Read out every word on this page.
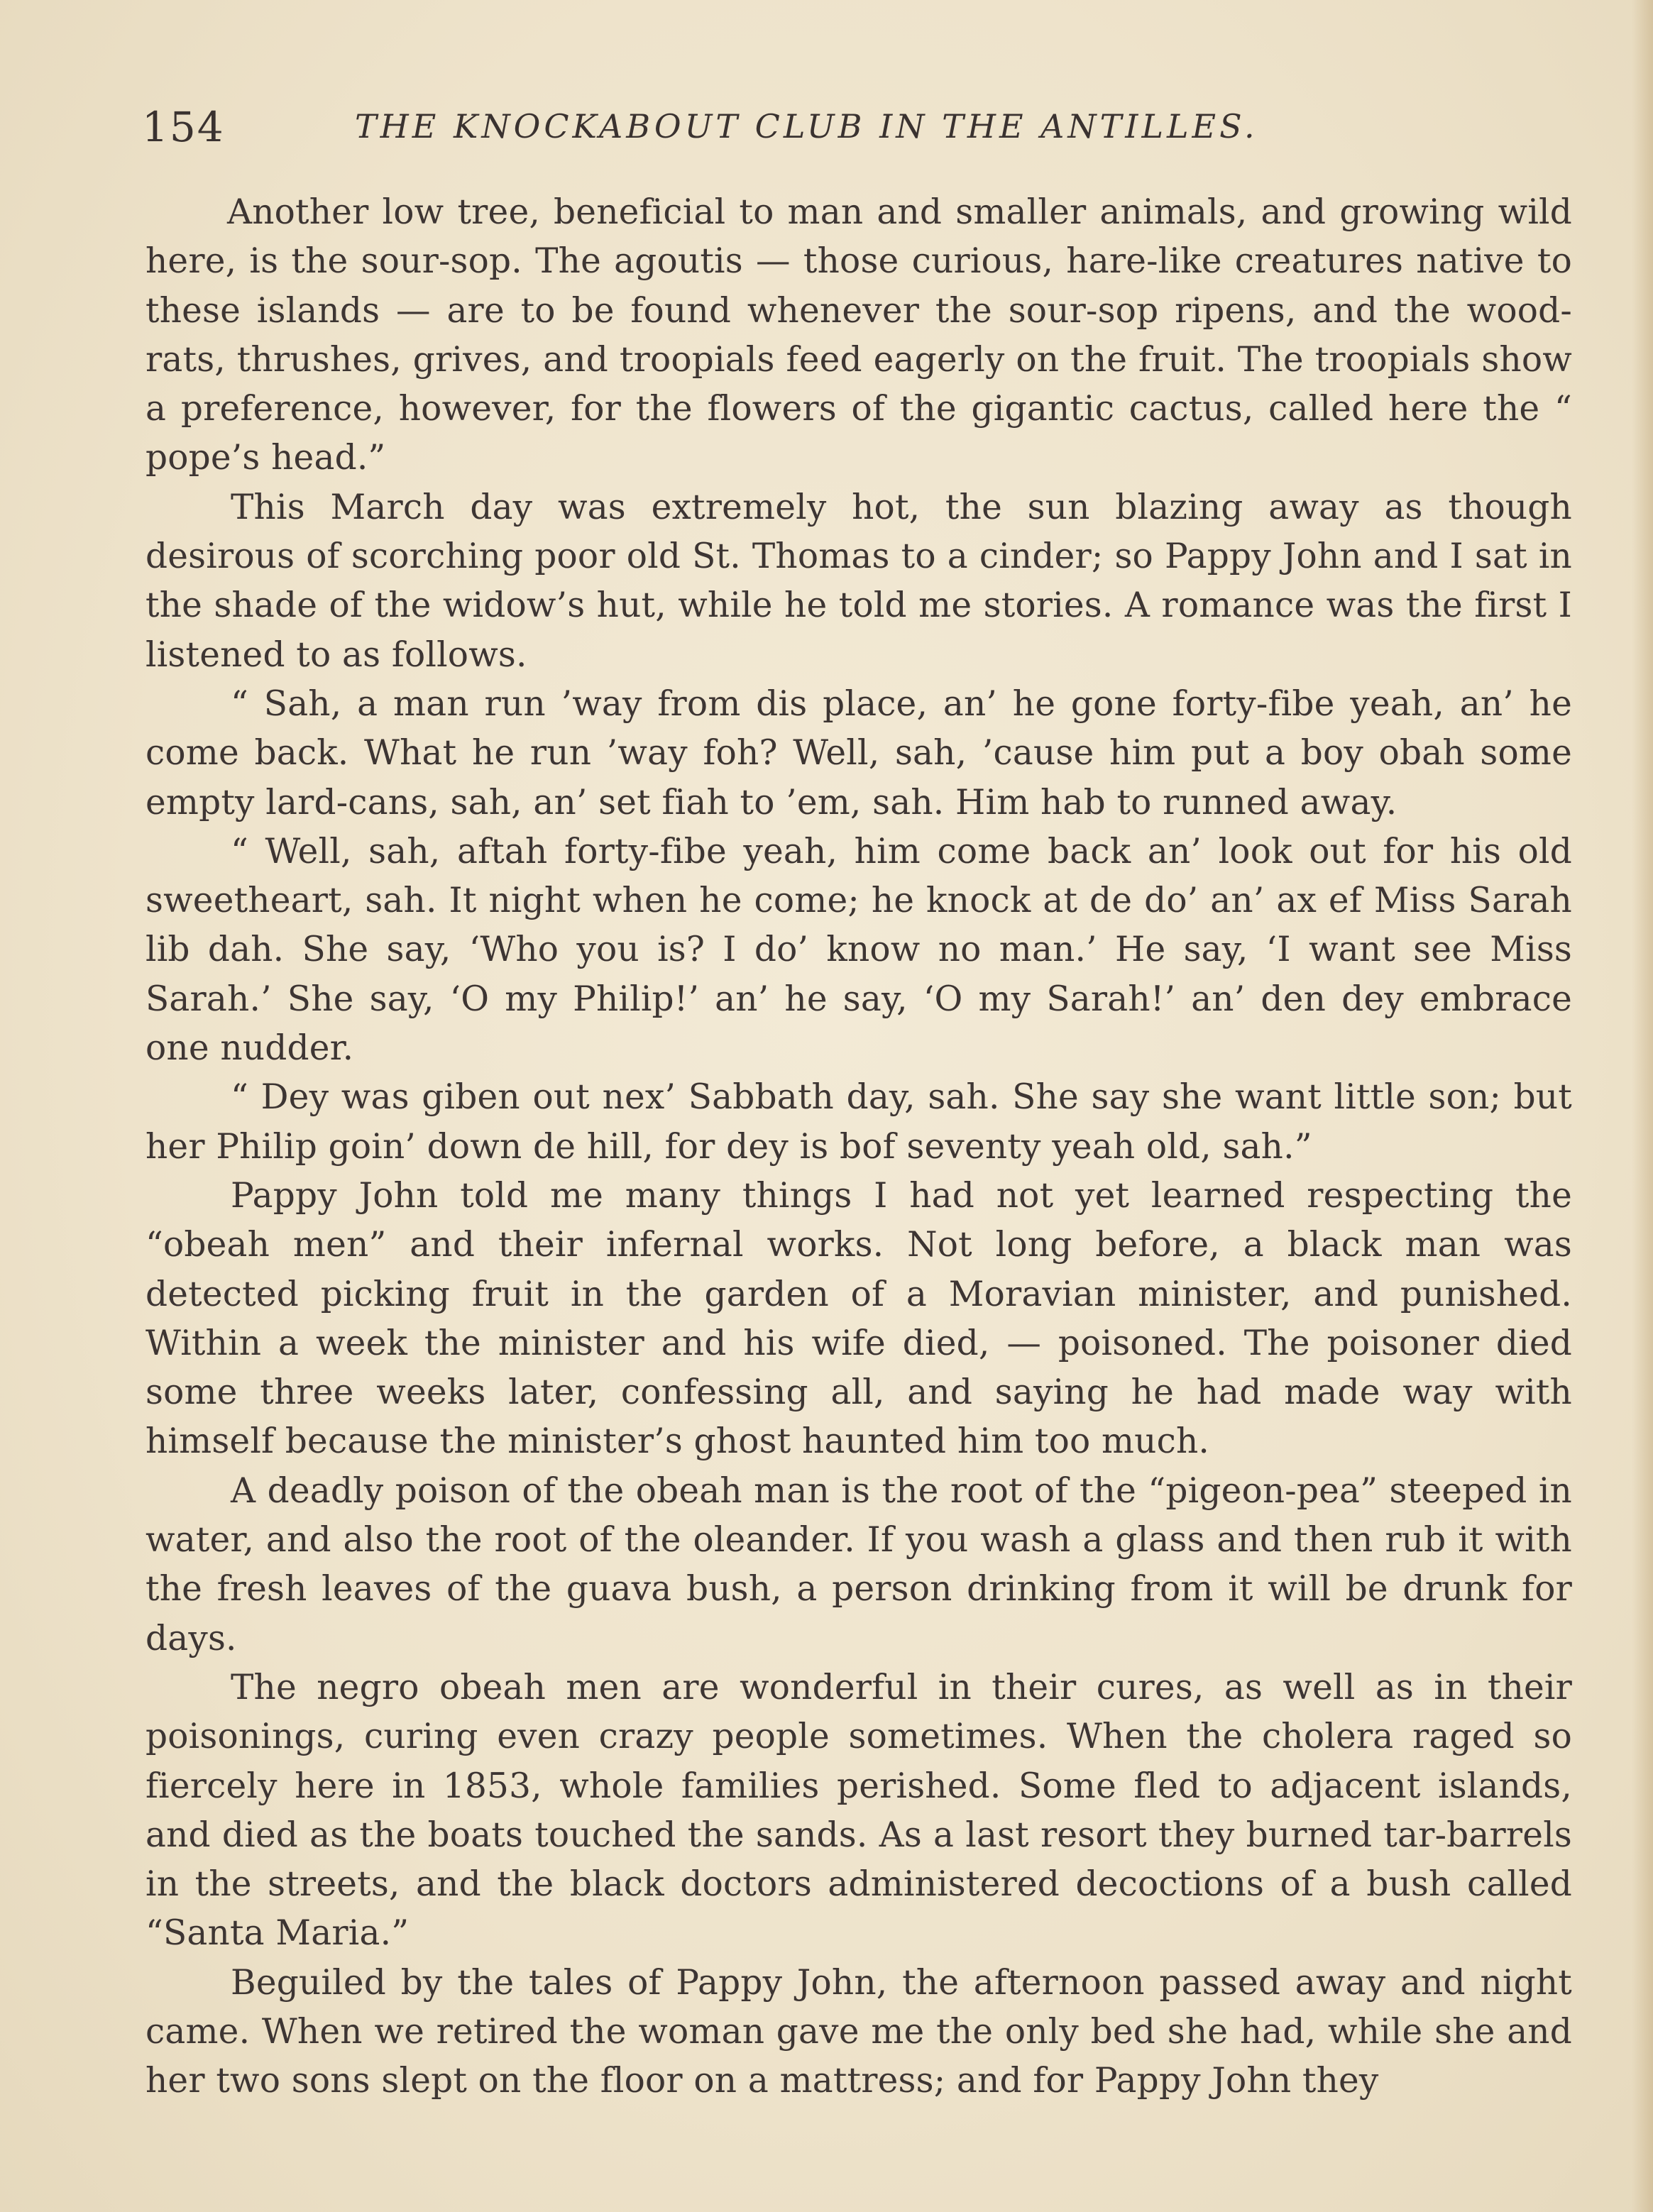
154	THE KNOCKABOUT CLUB IN THE ANTILLES.

Another low tree, beneficial to man and smaller animals, and growing wild here, is the sour-sop. The agoutis — those curious, hare-like creatures native to these islands — are to be found whenever the sour-sop ripens, and the wood-rats, thrushes, grives, and troopials feed eagerly on the fruit. The troopials show a preference, however, for the flowers of the gigantic cactus, called here the “ pope’s head.”

This March day was extremely hot, the sun blazing away as though desirous of scorching poor old St. Thomas to a cinder; so Pappy John and I sat in the shade of the widow’s hut, while he told me stories. A romance was the first I listened to as follows.

“ Sah, a man run ’way from dis place, an’ he gone forty-fibe yeah, an’ he come back. What he run ’way foh? Well, sah, ’cause him put a boy obah some empty lard-cans, sah, an’ set fiah to ’em, sah. Him hab to runned away.

“ Well, sah, aftah forty-fibe yeah, him come back an’ look out for his old sweetheart, sah. It night when he come; he knock at de do’ an’ ax ef Miss Sarah lib dah. She say, ‘Who you is? I do’ know no man.’ He say, ‘I want see Miss Sarah.’ She say, ‘O my Philip!’ an’ he say, ‘O my Sarah!’ an’ den dey embrace one nudder.

“ Dey was giben out nex’ Sabbath day, sah. She say she want little son; but her Philip goin’ down de hill, for dey is bof seventy yeah old, sah.”

Pappy John told me many things I had not yet learned respecting the “obeah men” and their infernal works. Not long before, a black man was detected picking fruit in the garden of a Moravian minister, and punished. Within a week the minister and his wife died, — poisoned. The poisoner died some three weeks later, confessing all, and saying he had made way with himself because the minister’s ghost haunted him too much.

A deadly poison of the obeah man is the root of the “pigeon-pea” steeped in water, and also the root of the oleander. If you wash a glass and then rub it with the fresh leaves of the guava bush, a person drinking from it will be drunk for days.

The negro obeah men are wonderful in their cures, as well as in their poisonings, curing even crazy people sometimes. When the cholera raged so fiercely here in 1853, whole families perished. Some fled to adjacent islands, and died as the boats touched the sands. As a last resort they burned tar-barrels in the streets, and the black doctors administered decoctions of a bush called “Santa Maria.”

Beguiled by the tales of Pappy John, the afternoon passed away and night came. When we retired the woman gave me the only bed she had, while she and her two sons slept on the floor on a mattress; and for Pappy John they
